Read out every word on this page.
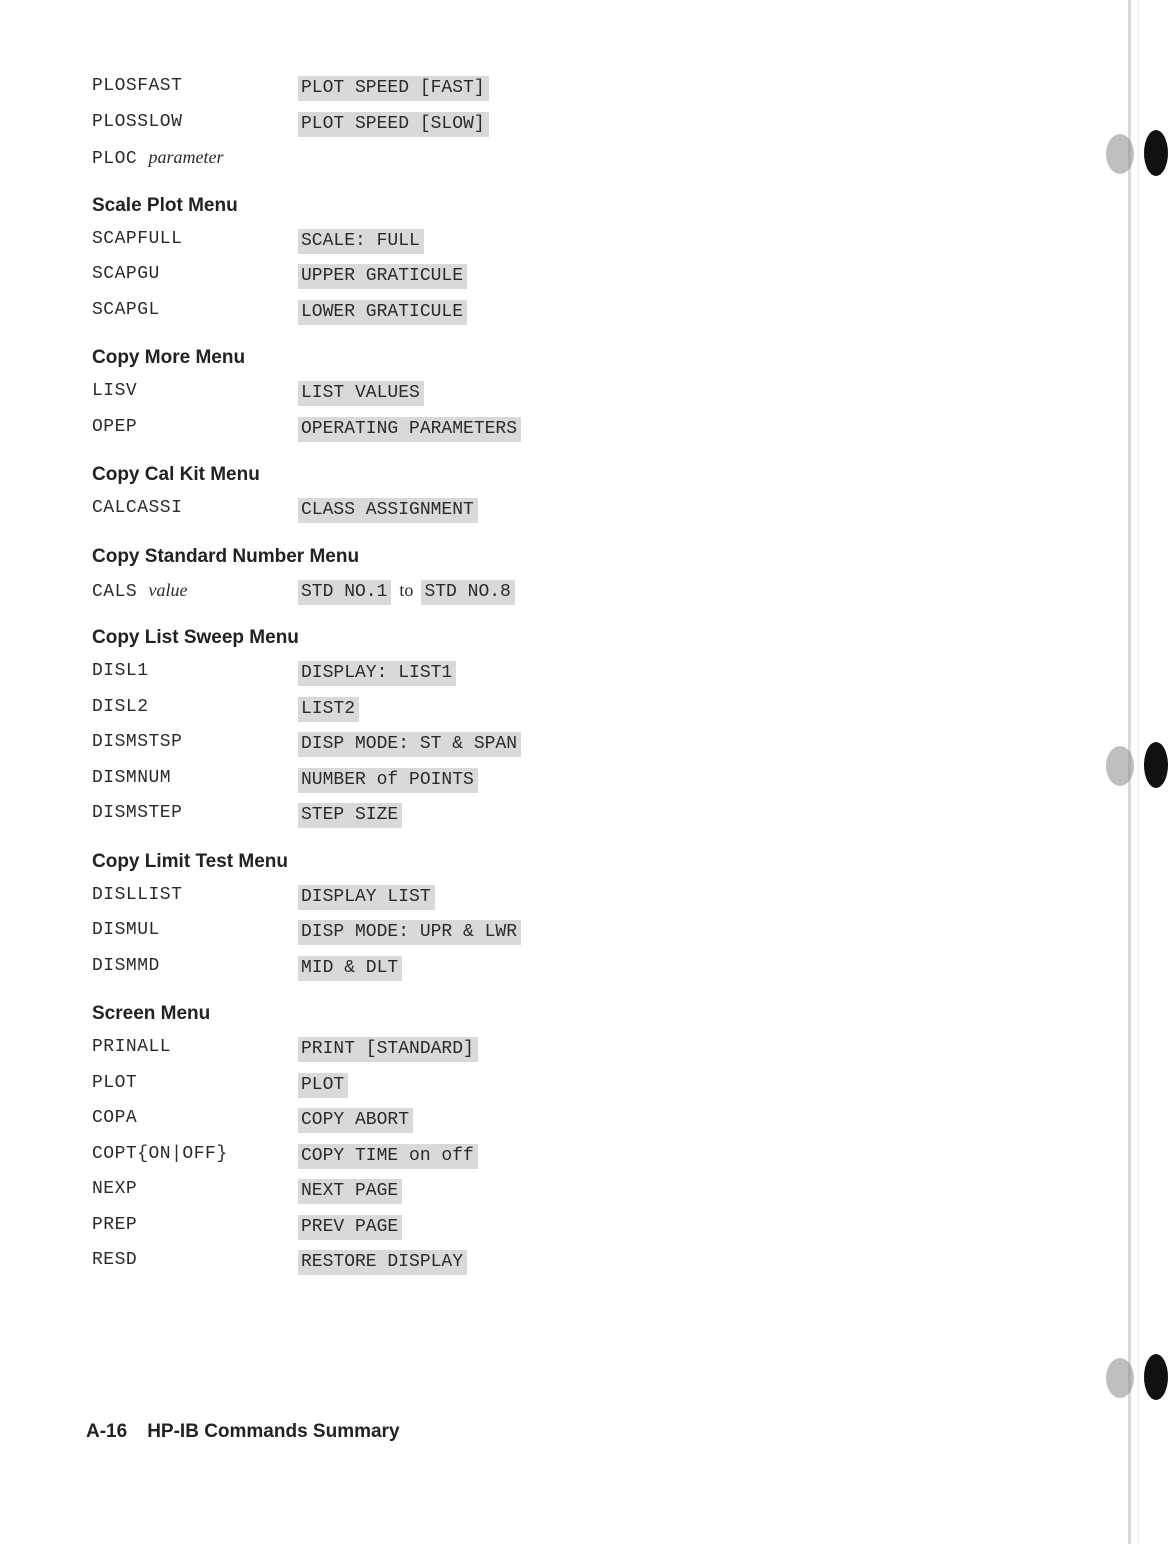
PLOSFAST	PLOT SPEED [FAST]
PLOSSLOW	PLOT SPEED [SLOW]
PLOC parameter
Scale Plot Menu
SCAPFULL	SCALE: FULL
SCAPGU	UPPER GRATICULE
SCAPGL	LOWER GRATICULE
Copy More Menu
LISV	LIST VALUES
OPEP	OPERATING PARAMETERS
Copy Cal Kit Menu
CALCASSI	CLASS ASSIGNMENT
Copy Standard Number Menu
CALS value	STD NO.1 to STD NO.8
Copy List Sweep Menu
DISL1	DISPLAY: LIST1
DISL2	LIST2
DISMSTSP	DISP MODE: ST & SPAN
DISMNUM	NUMBER of POINTS
DISMSTEP	STEP SIZE
Copy Limit Test Menu
DISLLIST	DISPLAY LIST
DISMUL	DISP MODE: UPR & LWR
DISMMD	MID & DLT
Screen Menu
PRINALL	PRINT [STANDARD]
PLOT	PLOT
COPA	COPY ABORT
COPT{ON|OFF}	COPY TIME on off
NEXP	NEXT PAGE
PREP	PREV PAGE
RESD	RESTORE DISPLAY
A-16 HP-IB Commands Summary
